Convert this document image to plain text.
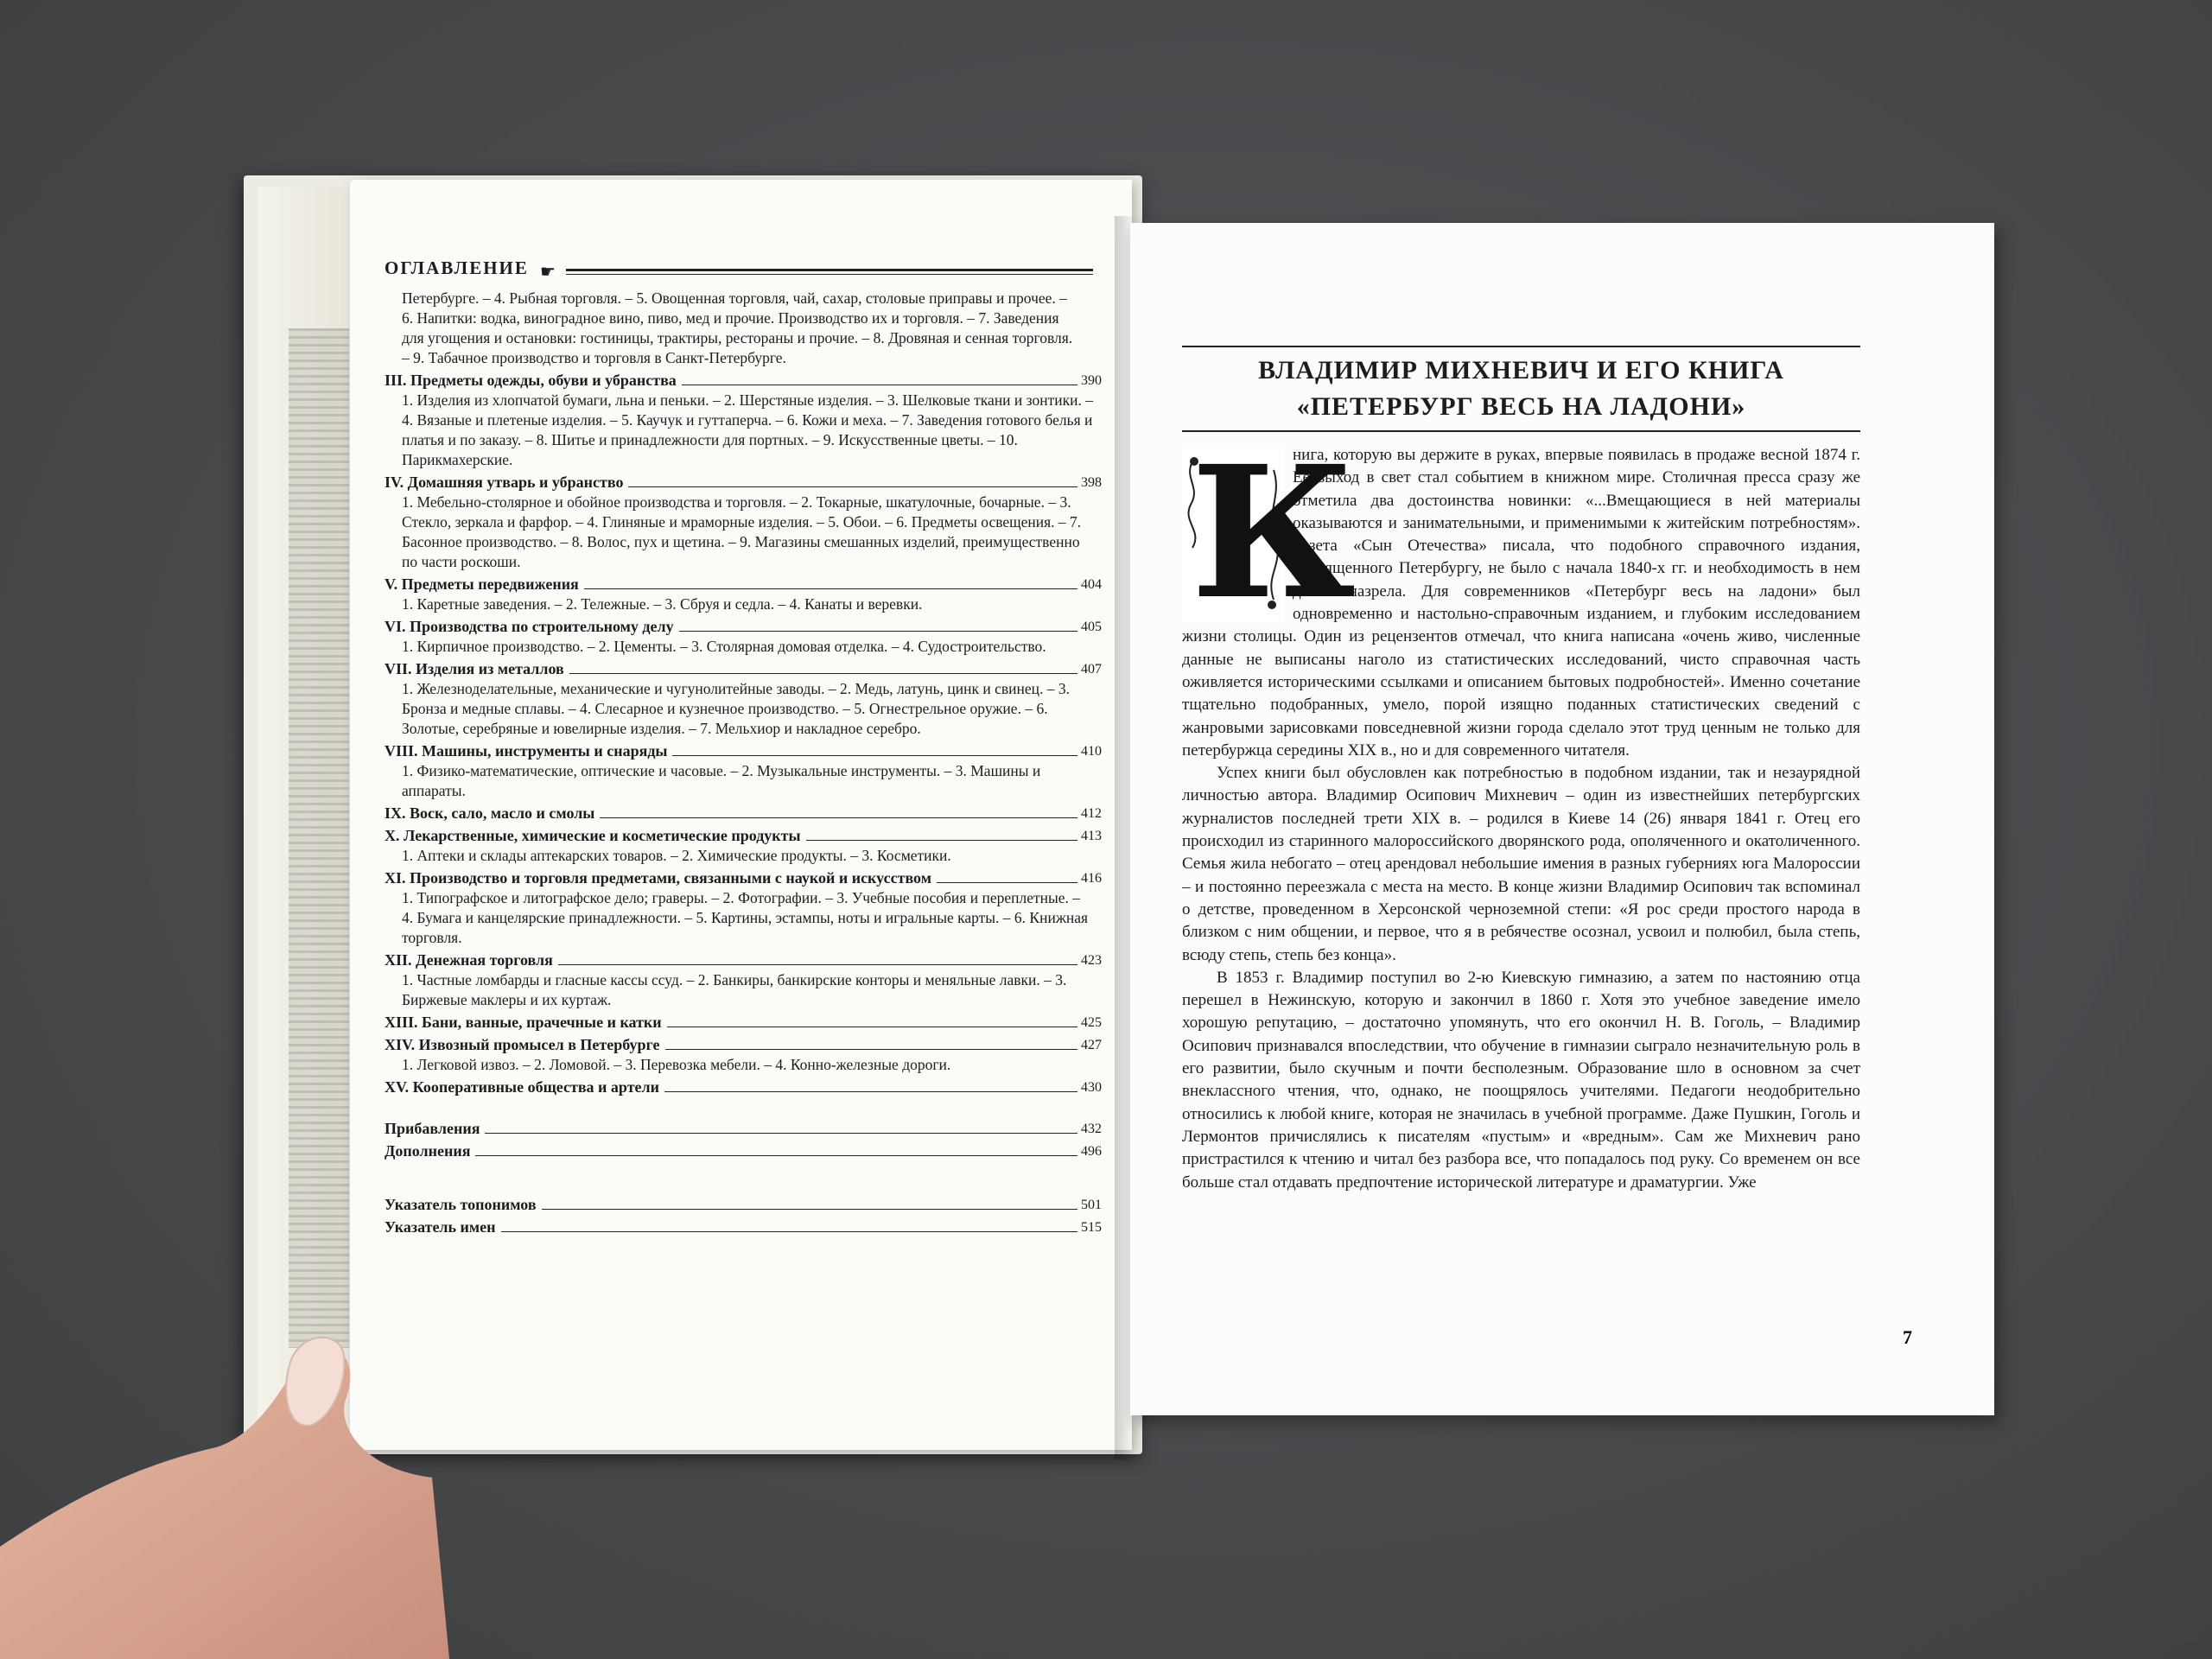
ОГЛАВЛЕНИЕ ☛
Петербурге. – 4. Рыбная торговля. – 5. Овощенная торговля, чай, сахар, столовые приправы и прочее. – 6. Напитки: водка, виноградное вино, пиво, мед и прочие. Производство их и торговля. – 7. Заведения для угощения и остановки: гостиницы, трактиры, рестораны и прочие. – 8. Дровяная и сенная торговля. – 9. Табачное производство и торговля в Санкт-Петербурге.
III. Предметы одежды, обуви и убранства	390
1. Изделия из хлопчатой бумаги, льна и пеньки. – 2. Шерстяные изделия. – 3. Шелковые ткани и зонтики. – 4. Вязаные и плетеные изделия. – 5. Каучук и гуттаперча. – 6. Кожи и меха. – 7. Заведения готового белья и платья и по заказу. – 8. Шитье и принадлежности для портных. – 9. Искусственные цветы. – 10. Парикмахерские.
IV. Домашняя утварь и убранство	398
1. Мебельно-столярное и обойное производства и торговля. – 2. Токарные, шкатулочные, бочарные. – 3. Стекло, зеркала и фарфор. – 4. Глиняные и мраморные изделия. – 5. Обои. – 6. Предметы освещения. – 7. Басонное производство. – 8. Волос, пух и щетина. – 9. Магазины смешанных изделий, преимущественно по части роскоши.
V. Предметы передвижения	404
1. Каретные заведения. – 2. Тележные. – 3. Сбруя и седла. – 4. Канаты и веревки.
VI. Производства по строительному делу	405
1. Кирпичное производство. – 2. Цементы. – 3. Столярная домовая отделка. – 4. Судостроительство.
VII. Изделия из металлов	407
1. Железноделательные, механические и чугунолитейные заводы. – 2. Медь, латунь, цинк и свинец. – 3. Бронза и медные сплавы. – 4. Слесарное и кузнечное производство. – 5. Огнестрельное оружие. – 6. Золотые, серебряные и ювелирные изделия. – 7. Мельхиор и накладное серебро.
VIII. Машины, инструменты и снаряды	410
1. Физико-математические, оптические и часовые. – 2. Музыкальные инструменты. – 3. Машины и аппараты.
IX. Воск, сало, масло и смолы	412
X. Лекарственные, химические и косметические продукты	413
1. Аптеки и склады аптекарских товаров. – 2. Химические продукты. – 3. Косметики.
XI. Производство и торговля предметами, связанными с наукой и искусством	416
1. Типографское и литографское дело; граверы. – 2. Фотографии. – 3. Учебные пособия и переплетные. – 4. Бумага и канцелярские принадлежности. – 5. Картины, эстампы, ноты и игральные карты. – 6. Книжная торговля.
XII. Денежная торговля	423
1. Частные ломбарды и гласные кассы ссуд. – 2. Банкиры, банкирские конторы и меняльные лавки. – 3. Биржевые маклеры и их куртаж.
XIII. Бани, ванные, прачечные и катки	425
XIV. Извозный промысел в Петербурге	427
1. Легковой извоз. – 2. Ломовой. – 3. Перевозка мебели. – 4. Конно-железные дороги.
XV. Кооперативные общества и артели	430
Прибавления	432
Дополнения	496
Указатель топонимов	501
Указатель имен	515
ВЛАДИМИР МИХНЕВИЧ И ЕГО КНИГА
«ПЕТЕРБУРГ ВЕСЬ НА ЛАДОНИ»
К

нига, которую вы держите в руках, впервые появилась в продаже весной 1874 г. Ее выход в свет стал событием в книжном мире. Столичная пресса сразу же отметила два достоинства новинки: «...Вмещающиеся в ней материалы оказываются и занимательными, и применимыми к житейским потребностям». Газета «Сын Отечества» писала, что подобного справочного издания, посвященного Петербургу, не было с начала 1840-х гг. и необходимость в нем давно назрела. Для современников «Петербург весь на ладони» был одновременно и настольно-справочным изданием, и глубоким исследованием жизни столицы. Один из рецензентов отмечал, что книга написана «очень живо, численные данные не выписаны наголо из статистических исследований, чисто справочная часть оживляется историческими ссылками и описанием бытовых подробностей». Именно сочетание тщательно подобранных, умело, порой изящно поданных статистических сведений с жанровыми зарисовками повседневной жизни города сделало этот труд ценным не только для петербуржца середины XIX в., но и для современного читателя.

Успех книги был обусловлен как потребностью в подобном издании, так и незаурядной личностью автора. Владимир Осипович Михневич – один из известнейших петербургских журналистов последней трети XIX в. – родился в Киеве 14 (26) января 1841 г. Отец его происходил из старинного малороссийского дворянского рода, ополяченного и окатоличенного. Семья жила небогато – отец арендовал небольшие имения в разных губерниях юга Малороссии – и постоянно переезжала с места на место. В конце жизни Владимир Осипович так вспоминал о детстве, проведенном в Херсонской черноземной степи: «Я рос среди простого народа в близком с ним общении, и первое, что я в ребячестве осознал, усвоил и полюбил, была степь, всюду степь, степь без конца».

В 1853 г. Владимир поступил во 2-ю Киевскую гимназию, а затем по настоянию отца перешел в Нежинскую, которую и закончил в 1860 г. Хотя это учебное заведение имело хорошую репутацию, – достаточно упомянуть, что его окончил Н. В. Гоголь, – Владимир Осипович признавался впоследствии, что обучение в гимназии сыграло незначительную роль в его развитии, было скучным и почти бесполезным. Образование шло в основном за счет внеклассного чтения, что, однако, не поощрялось учителями. Педагоги неодобрительно относились к любой книге, которая не значилась в учебной программе. Даже Пушкин, Гоголь и Лермонтов причислялись к писателям «пустым» и «вредным». Сам же Михневич рано пристрастился к чтению и читал без разбора все, что попадалось под руку. Со временем он все больше стал отдавать предпочтение исторической литературе и драматургии. Уже

7
